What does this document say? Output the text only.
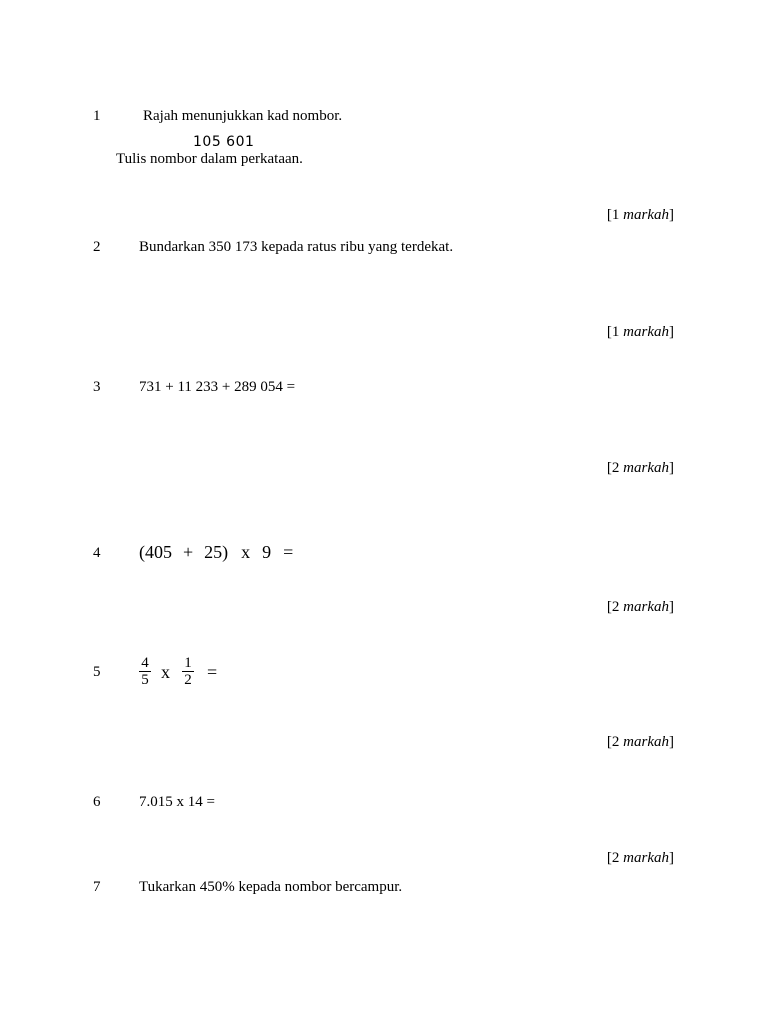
1	Rajah menunjukkan kad nombor.
105 601
Tulis nombor dalam perkataan.
[1 markah]
2	Bundarkan 350 173 kepada ratus ribu yang terdekat.
[1 markah]
3	731 + 11 233 + 289 054 =
[2 markah]
4 (405 + 25) x 9 =
[2 markah]
5
4
5 x 1
2 =
[2 markah]
6	7.015 x 14 =
[2 markah]
7	Tukarkan 450% kepada nombor bercampur.
